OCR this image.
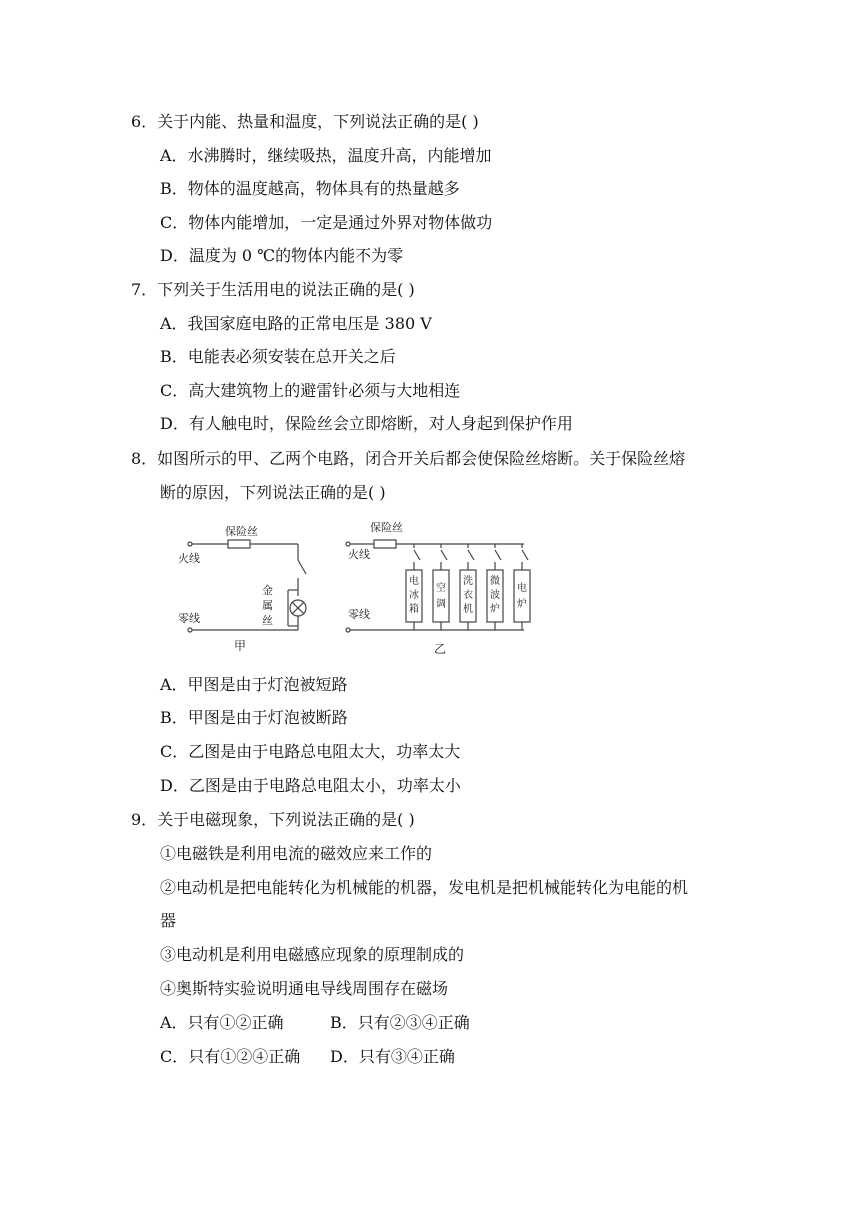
6．关于内能、热量和温度，下列说法正确的是( )
A．水沸腾时，继续吸热，温度升高，内能增加
B．物体的温度越高，物体具有的热量越多
C．物体内能增加，一定是通过外界对物体做功
D．温度为 0 ℃的物体内能不为零
7．下列关于生活用电的说法正确的是( )
A．我国家庭电路的正常电压是 380 V
B．电能表必须安装在总开关之后
C．高大建筑物上的避雷针必须与大地相连
D．有人触电时，保险丝会立即熔断，对人身起到保护作用
8．如图所示的甲、乙两个电路，闭合开关后都会使保险丝熔断。关于保险丝熔
断的原因，下列说法正确的是( )
保险丝
火线
零线
金
属
丝
甲
保险丝
火线
零线
乙
电
冰
箱
空
调
洗
衣
机
微
波
炉
电
炉
A．甲图是由于灯泡被短路
B．甲图是由于灯泡被断路
C．乙图是由于电路总电阻太大，功率太大
D．乙图是由于电路总电阻太小，功率太小
9．关于电磁现象，下列说法正确的是( )
①电磁铁是利用电流的磁效应来工作的
②电动机是把电能转化为机械能的机器，发电机是把机械能转化为电能的机
器
③电动机是利用电磁感应现象的原理制成的
④奥斯特实验说明通电导线周围存在磁场
A．只有①②正确	B．只有②③④正确
C．只有①②④正确 D．只有③④正确
